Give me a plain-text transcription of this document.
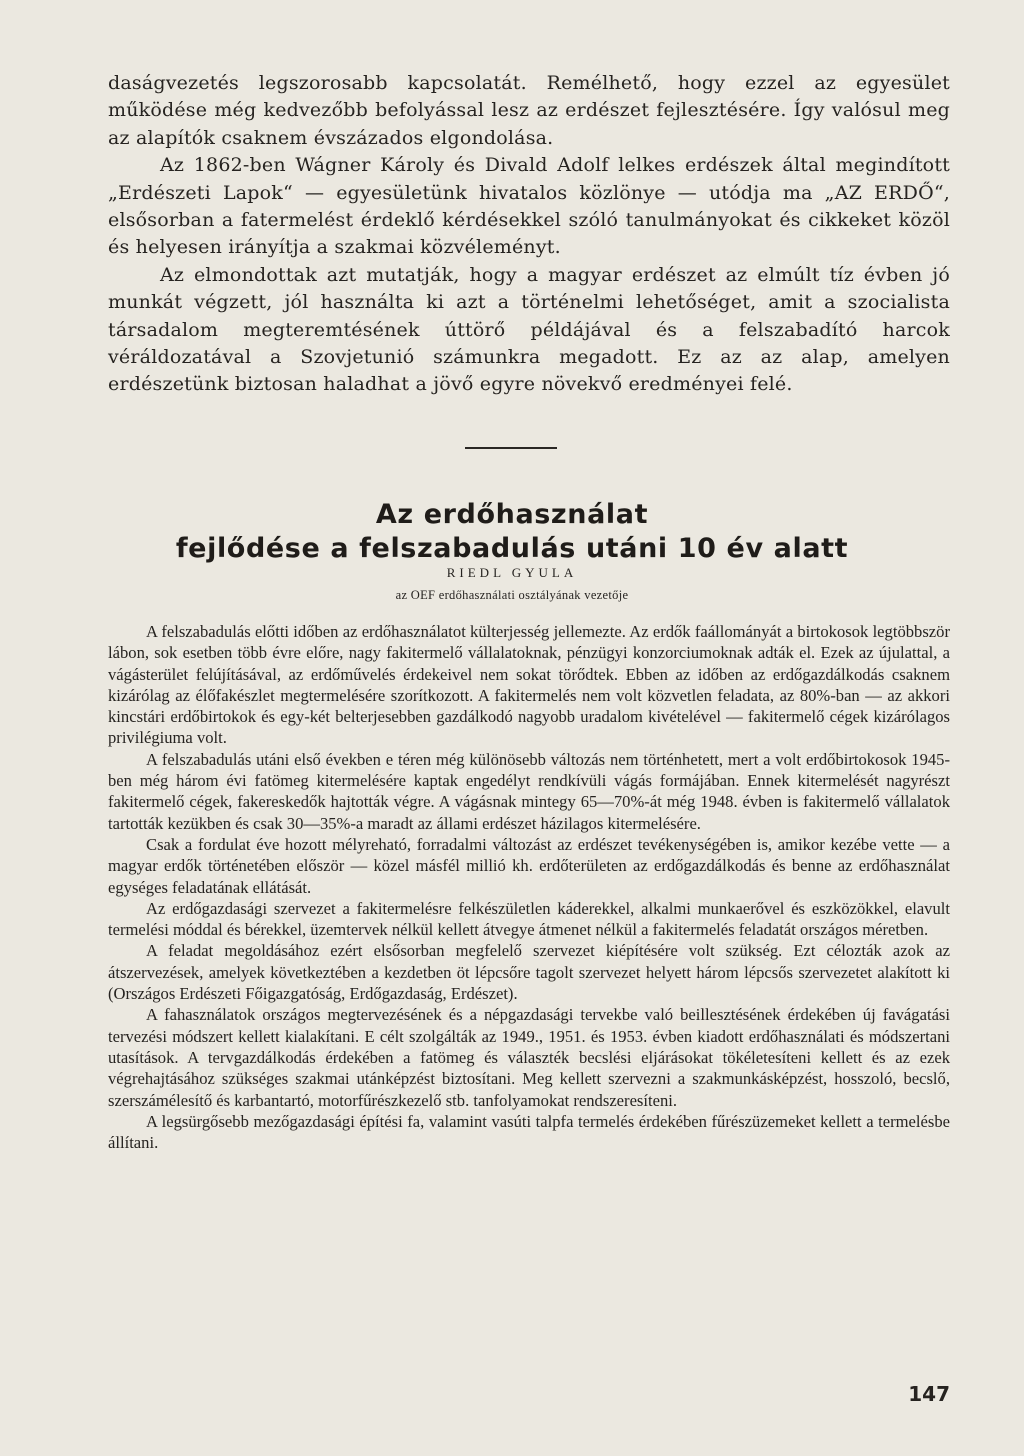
daságvezetés legszorosabb kapcsolatát. Remélhető, hogy ezzel az egyesület működése még kedvezőbb befolyással lesz az erdészet fejlesztésére. Így valósul meg az alapítók csaknem évszázados elgondolása.

Az 1862-ben Wágner Károly és Divald Adolf lelkes erdészek által megindított „Erdészeti Lapok“ — egyesületünk hivatalos közlönye — utódja ma „AZ ERDŐ“, elsősorban a fatermelést érdeklő kérdésekkel szóló tanulmányokat és cikkeket közöl és helyesen irányítja a szakmai közvéleményt.

Az elmondottak azt mutatják, hogy a magyar erdészet az elmúlt tíz évben jó munkát végzett, jól használta ki azt a történelmi lehetőséget, amit a szocialista társadalom megteremtésének úttörő példájával és a felszabadító harcok véráldozatával a Szovjetunió számunkra megadott. Ez az az alap, amelyen erdészetünk biztosan haladhat a jövő egyre növekvő eredményei felé.

Az erdőhasználat
fejlődése a felszabadulás utáni 10 év alatt
RIEDL GYULA
az OEF erdőhasználati osztályának vezetője

A felszabadulás előtti időben az erdőhasználatot külterjesség jellemezte. Az erdők faállományát a birtokosok legtöbbször lábon, sok esetben több évre előre, nagy fakitermelő vállalatoknak, pénzügyi konzorciumoknak adták el. Ezek az újulattal, a vágásterület felújításával, az erdőművelés érdekeivel nem sokat törődtek. Ebben az időben az erdőgazdálkodás csaknem kizárólag az élőfakészlet megtermelésére szorítkozott. A fakitermelés nem volt közvetlen feladata, az 80%-ban — az akkori kincstári erdőbirtokok és egy-két belterjesebben gazdálkodó nagyobb uradalom kivételével — fakitermelő cégek kizárólagos privilégiuma volt.

A felszabadulás utáni első években e téren még különösebb változás nem történhetett, mert a volt erdőbirtokosok 1945-ben még három évi fatömeg kitermelésére kaptak engedélyt rendkívüli vágás formájában. Ennek kitermelését nagyrészt fakitermelő cégek, fakereskedők hajtották végre. A vágásnak mintegy 65—70%-át még 1948. évben is fakitermelő vállalatok tartották kezükben és csak 30—35%-a maradt az állami erdészet házilagos kitermelésére.

Csak a fordulat éve hozott mélyreható, forradalmi változást az erdészet tevékenységében is, amikor kezébe vette — a magyar erdők történetében először — közel másfél millió kh. erdőterületen az erdőgazdálkodás és benne az erdőhasználat egységes feladatának ellátását.

Az erdőgazdasági szervezet a fakitermelésre felkészületlen káderekkel, alkalmi munkaerővel és eszközökkel, elavult termelési móddal és bérekkel, üzemtervek nélkül kellett átvegye átmenet nélkül a fakitermelés feladatát országos méretben.

A feladat megoldásához ezért elsősorban megfelelő szervezet kiépítésére volt szükség. Ezt célozták azok az átszervezések, amelyek következtében a kezdetben öt lépcsőre tagolt szervezet helyett három lépcsős szervezetet alakított ki (Országos Erdészeti Főigazgatóság, Erdőgazdaság, Erdészet).

A fahasználatok országos megtervezésének és a népgazdasági tervekbe való beillesztésének érdekében új favágatási tervezési módszert kellett kialakítani. E célt szolgálták az 1949., 1951. és 1953. évben kiadott erdőhasználati és módszertani utasítások. A tervgazdálkodás érdekében a fatömeg és választék becslési eljárásokat tökéletesíteni kellett és az ezek végrehajtásához szükséges szakmai utánképzést biztosítani. Meg kellett szervezni a szakmunkásképzést, hosszoló, becslő, szerszámélesítő és karbantartó, motorfűrészkezelő stb. tanfolyamokat rendszeresíteni.

A legsürgősebb mezőgazdasági építési fa, valamint vasúti talpfa termelés érdekében fűrészüzemeket kellett a termelésbe állítani.

147
